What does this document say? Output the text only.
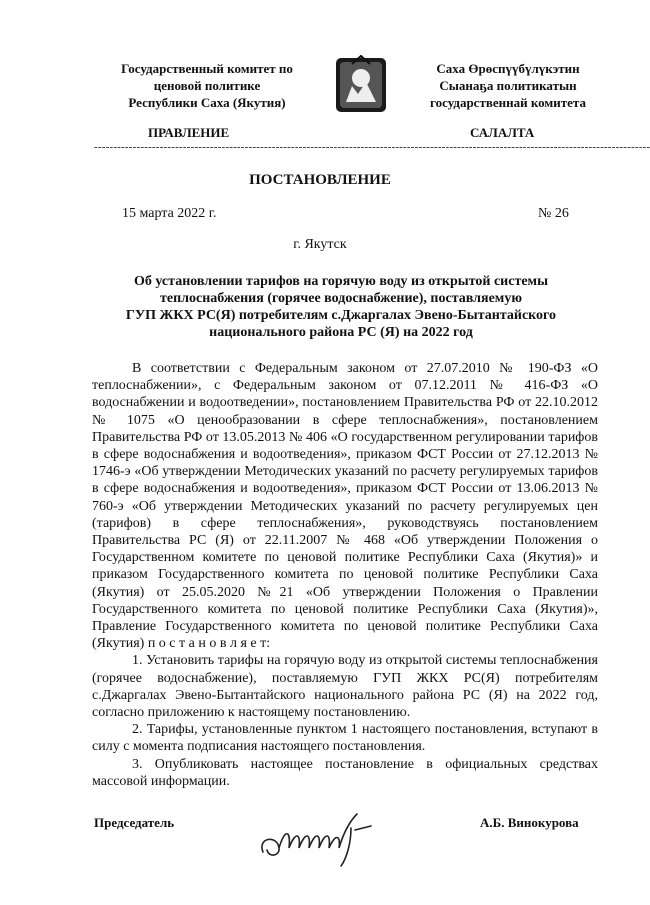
Государственный комитет по
ценовой политике
Республики Саха (Якутия)
Саха Өрөспүүбүлүкэтин
Сыанаҕа политикатын
государственнай комитета
ПРАВЛЕНИЕ	САЛАЛТА
------------------------------------------------------------------------------------------------------------------------------------------------
ПОСТАНОВЛЕНИЕ
15 марта 2022 г.	№ 26
г. Якутск
Об установлении тарифов на горячую воду из открытой системы
теплоснабжения (горячее водоснабжение), поставляемую
ГУП ЖКХ РС(Я) потребителям с.Джаргалах Эвено-Бытантайского
национального района РС (Я) на 2022 год

В соответствии с Федеральным законом от 27.07.2010 № 190-ФЗ «О теплоснабжении», с Федеральным законом от 07.12.2011 № 416-ФЗ «О водоснабжении и водоотведении», постановлением Правительства РФ от 22.10.2012 № 1075 «О ценообразовании в сфере теплоснабжения», постановлением Правительства РФ от 13.05.2013 № 406 «О государственном регулировании тарифов в сфере водоснабжения и водоотведения», приказом ФСТ России от 27.12.2013 № 1746-э «Об утверждении Методических указаний по расчету регулируемых тарифов в сфере водоснабжения и водоотведения», приказом ФСТ России от 13.06.2013 № 760-э «Об утверждении Методических указаний по расчету регулируемых цен (тарифов) в сфере теплоснабжения», руководствуясь постановлением Правительства РС (Я) от 22.11.2007 № 468 «Об утверждении Положения о Государственном комитете по ценовой политике Республики Саха (Якутия)» и приказом Государственного комитета по ценовой политике Республики Саха (Якутия) от 25.05.2020 №21 «Об утверждении Положения о Правлении Государственного комитета по ценовой политике Республики Саха (Якутия)», Правление Государственного комитета по ценовой политике Республики Саха (Якутия) п о с т а н о в л я е т:

1. Установить тарифы на горячую воду из открытой системы теплоснабжения (горячее водоснабжение), поставляемую ГУП ЖКХ РС(Я) потребителям с.Джаргалах Эвено-Бытантайского национального района РС (Я) на 2022 год, согласно приложению к настоящему постановлению.

2. Тарифы, установленные пунктом 1 настоящего постановления, вступают в силу с момента подписания настоящего постановления.

3. Опубликовать настоящее постановление в официальных средствах массовой информации.

Председатель	А.Б. Винокурова
